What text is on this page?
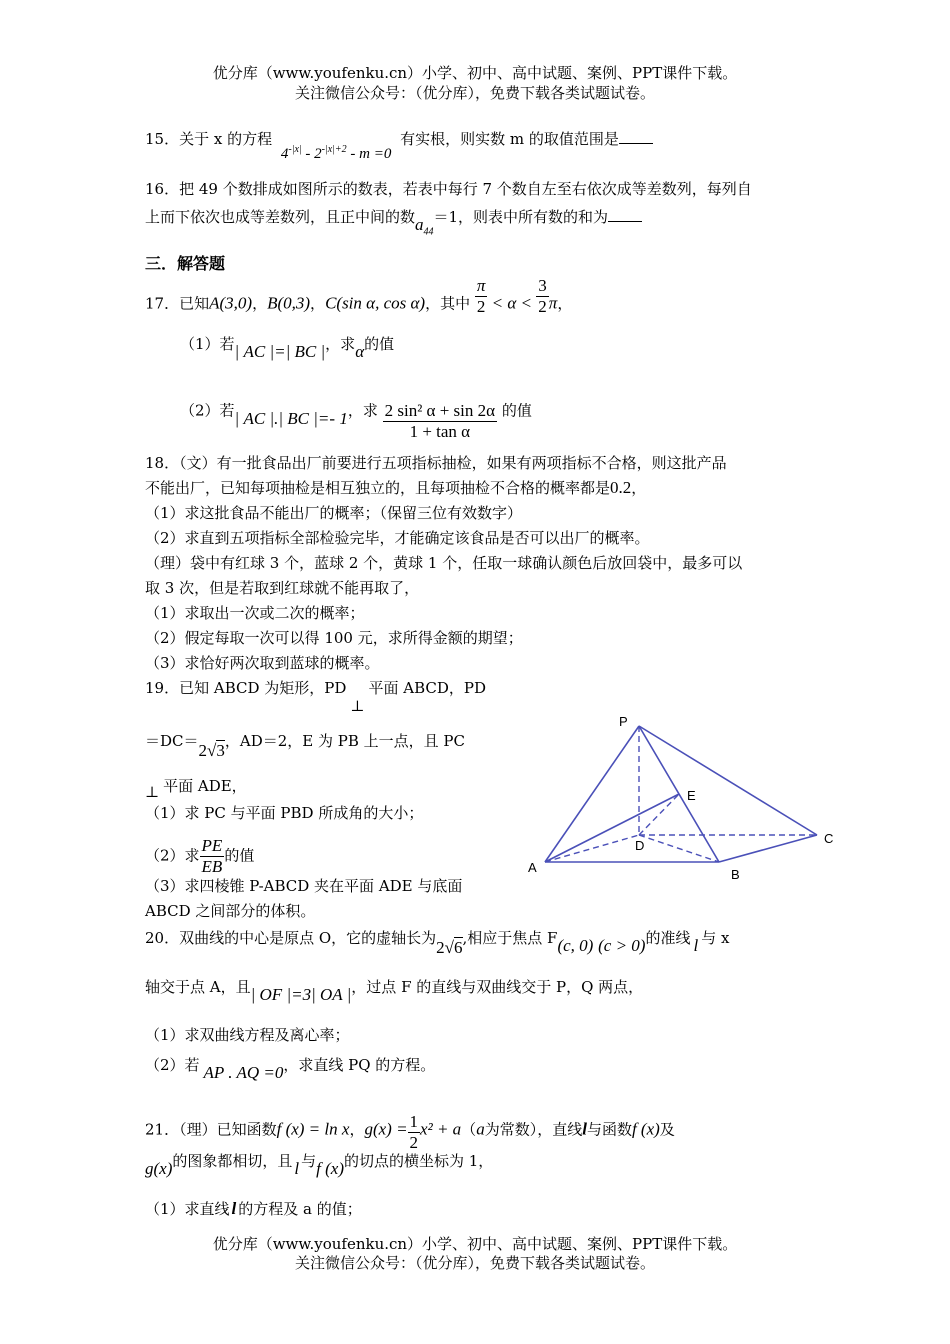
优分库（www.youfenku.cn）小学、初中、高中试题、案例、PPT课件下载。
关注微信公众号：（优分库），免费下载各类试题试卷。
15．关于 x 的方程 $4^{-|x|} - 2^{-|x|+2} - m =0$ 有实根，则实数 m 的取值范围是
16．把 49 个数排成如图所示的数表，若表中每行 7 个数自左至右依次成等差数列，每列自
上而下依次也成等差数列，且正中间的数$a_{44}=1$，则表中所有数的和为
三．解答题
17．已知A(3,0)，B(0,3)，C(sin α, cos α)，其中 $\frac{\pi}{2} < \alpha < \frac{3}{2}$ π，
（1）若| AC |=| BC |，求α的值
（2）若| AC |.| BC |=- 1，求 $\frac{\text{2 sin² α + sin 2α}}{\text{1 + tan α}}$ 的值
18．（文）有一批食品出厂前要进行五项指标抽检，如果有两项指标不合格，则这批产品
不能出厂，已知每项抽检是相互独立的，且每项抽检不合格的概率都是0.2，
（1）求这批食品不能出厂的概率；（保留三位有效数字）
（2）求直到五项指标全部检验完毕，才能确定该食品是否可以出厂的概率。
（理）袋中有红球 3 个，蓝球 2 个，黄球 1 个，任取一球确认颜色后放回袋中，最多可以
取 3 次，但是若取到红球就不能再取了，
（1）求取出一次或二次的概率；
（2）假定每取一次可以得 100 元，求所得金额的期望；
（3）求恰好两次取到蓝球的概率。
19．已知 ABCD 为矩形，PD⊥平面 ABCD，PD
＝DC＝2√3，AD＝2，E 为 PB 上一点，且 PC
⊥ 平面 ADE，
（1）求 PC 与平面 PBD 所成角的大小；
（2）求 $\frac{PE}{EB}$ 的值
（3）求四棱锥 P-ABCD 夹在平面 ADE 与底面
ABCD 之间部分的体积。
P
E
D	C
A	B
20．双曲线的中心是原点 O，它的虚轴长为2√6,相应于焦点 F(c, 0) (c > 0)的准线 l 与 x
轴交于点 A，且| OF |=3| OA |，过点 F 的直线与双曲线交于 P，Q 两点，
（1）求双曲线方程及离心率；
（2）若 AP . AQ =0，求直线 PQ 的方程。
21．（理）已知函数f (x) = ln x，$g(x) = \frac{1}{2} x^2 + a(a$为常数），直线l与函数f (x)及
g(x)的图象都相切，且 l 与f (x)的切点的横坐标为 1，
（1）求直线 l 的方程及 a 的值；
优分库（www.youfenku.cn）小学、初中、高中试题、案例、PPT课件下载。
关注微信公众号：（优分库），免费下载各类试题试卷。
